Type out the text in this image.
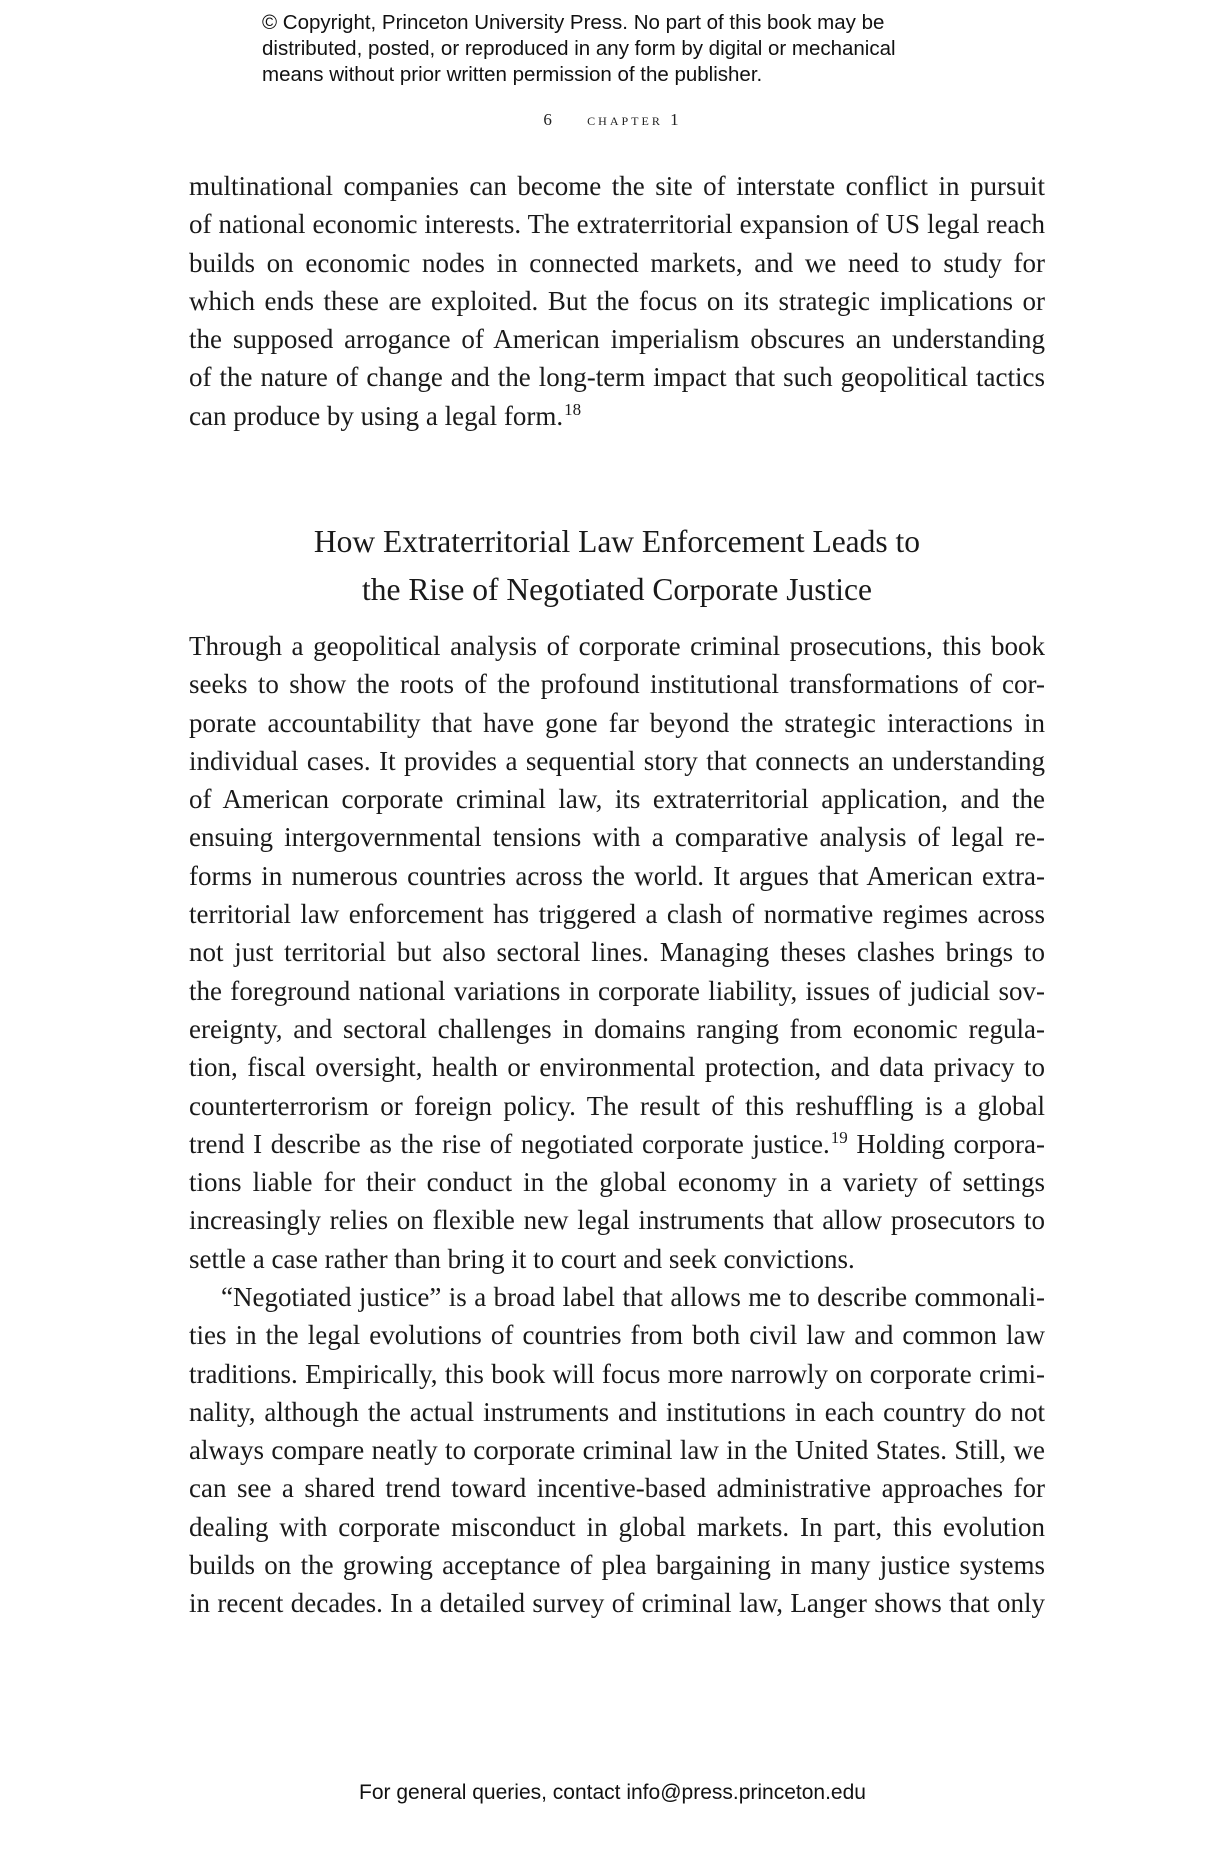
© Copyright, Princeton University Press. No part of this book may be
distributed, posted, or reproduced in any form by digital or mechanical
means without prior written permission of the publisher.
6 chapter 1
multinational companies can become the site of interstate conflict in pursuit
of national economic interests. The extraterritorial expansion of US legal reach
builds on economic nodes in connected markets, and we need to study for
which ends these are exploited. But the focus on its strategic implications or
the supposed arrogance of American imperialism obscures an understanding
of the nature of change and the long-term impact that such geopolitical tactics
can produce by using a legal form.$^{18}$
How Extraterritorial Law Enforcement Leads to
the Rise of Negotiated Corporate Justice
Through a geopolitical analysis of corporate criminal prosecutions, this book
seeks to show the roots of the profound institutional transformations of cor-
porate accountability that have gone far beyond the strategic interactions in
individual cases. It provides a sequential story that connects an understanding
of American corporate criminal law, its extraterritorial application, and the
ensuing intergovernmental tensions with a comparative analysis of legal re-
forms in numerous countries across the world. It argues that American extra-
territorial law enforcement has triggered a clash of normative regimes across
not just territorial but also sectoral lines. Managing theses clashes brings to
the foreground national variations in corporate liability, issues of judicial sov-
ereignty, and sectoral challenges in domains ranging from economic regula-
tion, fiscal oversight, health or environmental protection, and data privacy to
counterterrorism or foreign policy. The result of this reshuffling is a global
trend I describe as the rise of negotiated corporate justice.$^{19}$ Holding corpora-
tions liable for their conduct in the global economy in a variety of settings
increasingly relies on flexible new legal instruments that allow prosecutors to
settle a case rather than bring it to court and seek convictions.
“Negotiated justice” is a broad label that allows me to describe commonali-
ties in the legal evolutions of countries from both civil law and common law
traditions. Empirically, this book will focus more narrowly on corporate crimi-
nality, although the actual instruments and institutions in each country do not
always compare neatly to corporate criminal law in the United States. Still, we
can see a shared trend toward incentive-based administrative approaches for
dealing with corporate misconduct in global markets. In part, this evolution
builds on the growing acceptance of plea bargaining in many justice systems
in recent decades. In a detailed survey of criminal law, Langer shows that only
For general queries, contact info@press.princeton.edu
